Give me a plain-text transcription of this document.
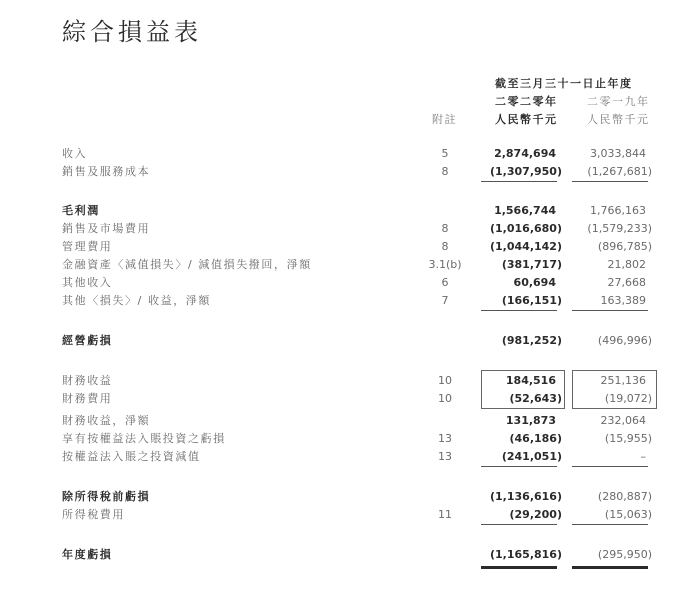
綜合損益表
截至三月三十一日止年度
二零二零年	二零一九年
附註	人民幣千元	人民幣千元
收入	5	2,874,694	3,033,844
銷售及服務成本	8	(1,307,950) (1,267,681)
毛利潤	1,566,744	1,766,163
銷售及市場費用	8	(1,016,680) (1,579,233)
管理費用	8	(1,044,142)	(896,785)
金融資產〈減值損失〉/ 減值損失撥回，淨額	3.1(b)	(381,717)	21,802
其他收入	6	60,694	27,668
其他〈損失〉/ 收益，淨額	7	(166,151)	163,389
經營虧損	(981,252)	(496,996)
財務收益	10	184,516	251,136
財務費用	10	(52,643)	(19,072)
財務收益，淨額	131,873	232,064
享有按權益法入賬投資之虧損	13	(46,186)	(15,955)
按權益法入賬之投資減值	13	(241,051)	–
除所得稅前虧損	(1,136,616)	(280,887)
所得稅費用	11	(29,200)	(15,063)
年度虧損	(1,165,816)	(295,950)
